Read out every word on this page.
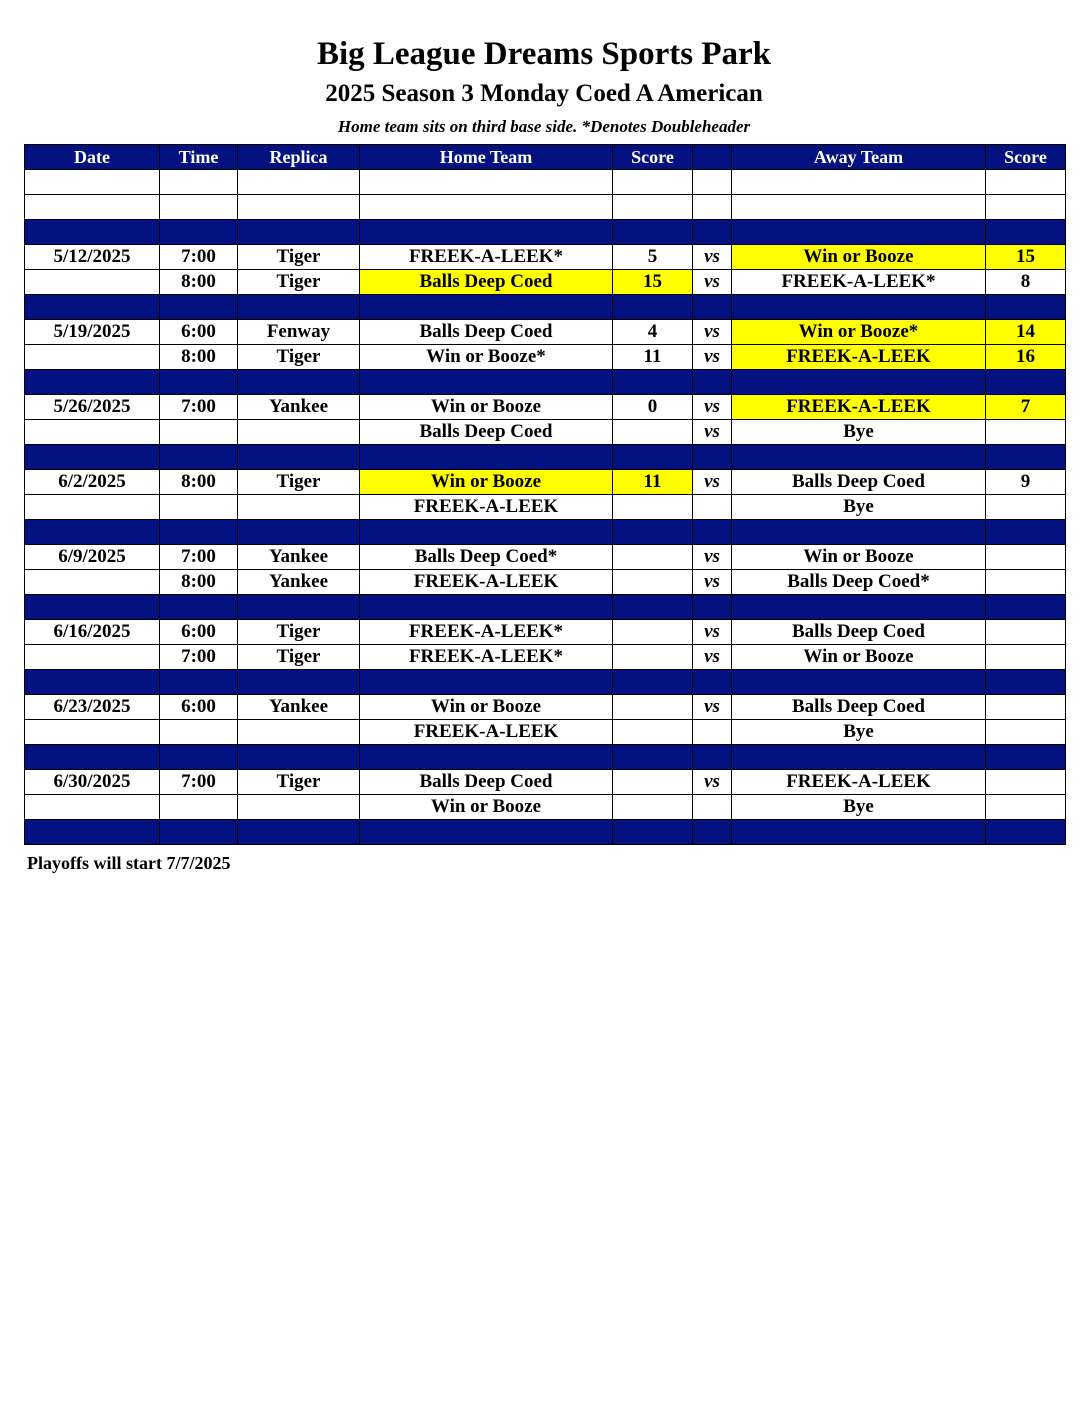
Big League Dreams Sports Park
2025 Season 3 Monday Coed A American
Home team sits on third base side. *Denotes Doubleheader
Date	Time	Replica	Home Team	Score		Away Team	Score

5/12/2025	7:00	Tiger	FREEK-A-LEEK*	5	vs	Win or Booze	15
	8:00	Tiger	Balls Deep Coed	15	vs	FREEK-A-LEEK*	8

5/19/2025	6:00	Fenway	Balls Deep Coed	4	vs	Win or Booze*	14
	8:00	Tiger	Win or Booze*	11	vs	FREEK-A-LEEK	16

5/26/2025	7:00	Yankee	Win or Booze	0	vs	FREEK-A-LEEK	7
			Balls Deep Coed		vs	Bye	

6/2/2025	8:00	Tiger	Win or Booze	11	vs	Balls Deep Coed	9
			FREEK-A-LEEK			Bye	

6/9/2025	7:00	Yankee	Balls Deep Coed*		vs	Win or Booze	
	8:00	Yankee	FREEK-A-LEEK		vs	Balls Deep Coed*	

6/16/2025	6:00	Tiger	FREEK-A-LEEK*		vs	Balls Deep Coed	
	7:00	Tiger	FREEK-A-LEEK*		vs	Win or Booze	

6/23/2025	6:00	Yankee	Win or Booze		vs	Balls Deep Coed	
			FREEK-A-LEEK			Bye	

6/30/2025	7:00	Tiger	Balls Deep Coed		vs	FREEK-A-LEEK	
			Win or Booze			Bye	

Playoffs will start 7/7/2025
